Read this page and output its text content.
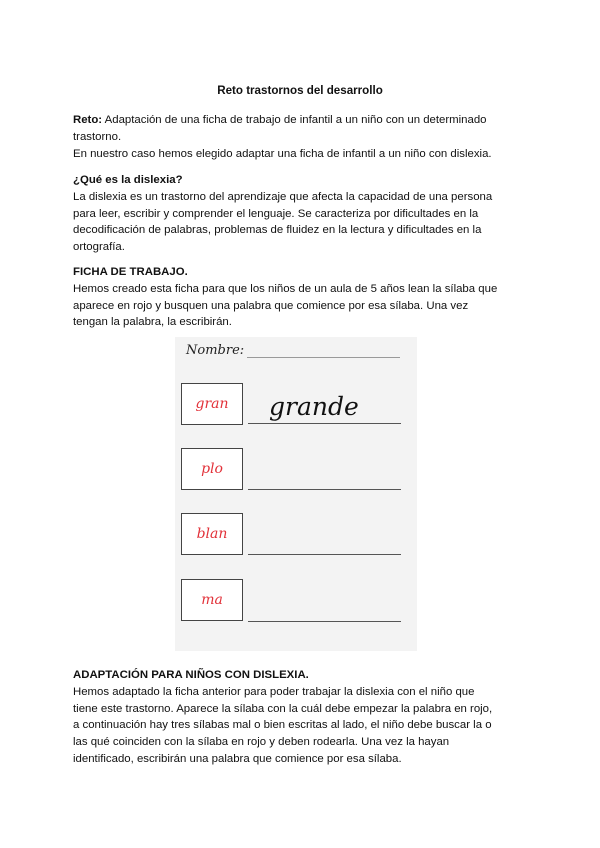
Reto trastornos del desarrollo
Reto: Adaptación de una ficha de trabajo de infantil a un niño con un determinado
trastorno.
En nuestro caso hemos elegido adaptar una ficha de infantil a un niño con dislexia.
¿Qué es la dislexia?
La dislexia es un trastorno del aprendizaje que afecta la capacidad de una persona
para leer, escribir y comprender el lenguaje. Se caracteriza por dificultades en la
decodificación de palabras, problemas de fluidez en la lectura y dificultades en la
ortografía.
FICHA DE TRABAJO.
Hemos creado esta ficha para que los niños de un aula de 5 años lean la sílaba que
aparece en rojo y busquen una palabra que comience por esa sílaba. Una vez
tengan la palabra, la escribirán.
Nombre:
gran grande
plo
blan
ma
ADAPTACIÓN PARA NIÑOS CON DISLEXIA.
Hemos adaptado la ficha anterior para poder trabajar la dislexia con el niño que
tiene este trastorno. Aparece la sílaba con la cuál debe empezar la palabra en rojo,
a continuación hay tres sílabas mal o bien escritas al lado, el niño debe buscar la o
las qué coinciden con la sílaba en rojo y deben rodearla. Una vez la hayan
identificado, escribirán una palabra que comience por esa sílaba.
